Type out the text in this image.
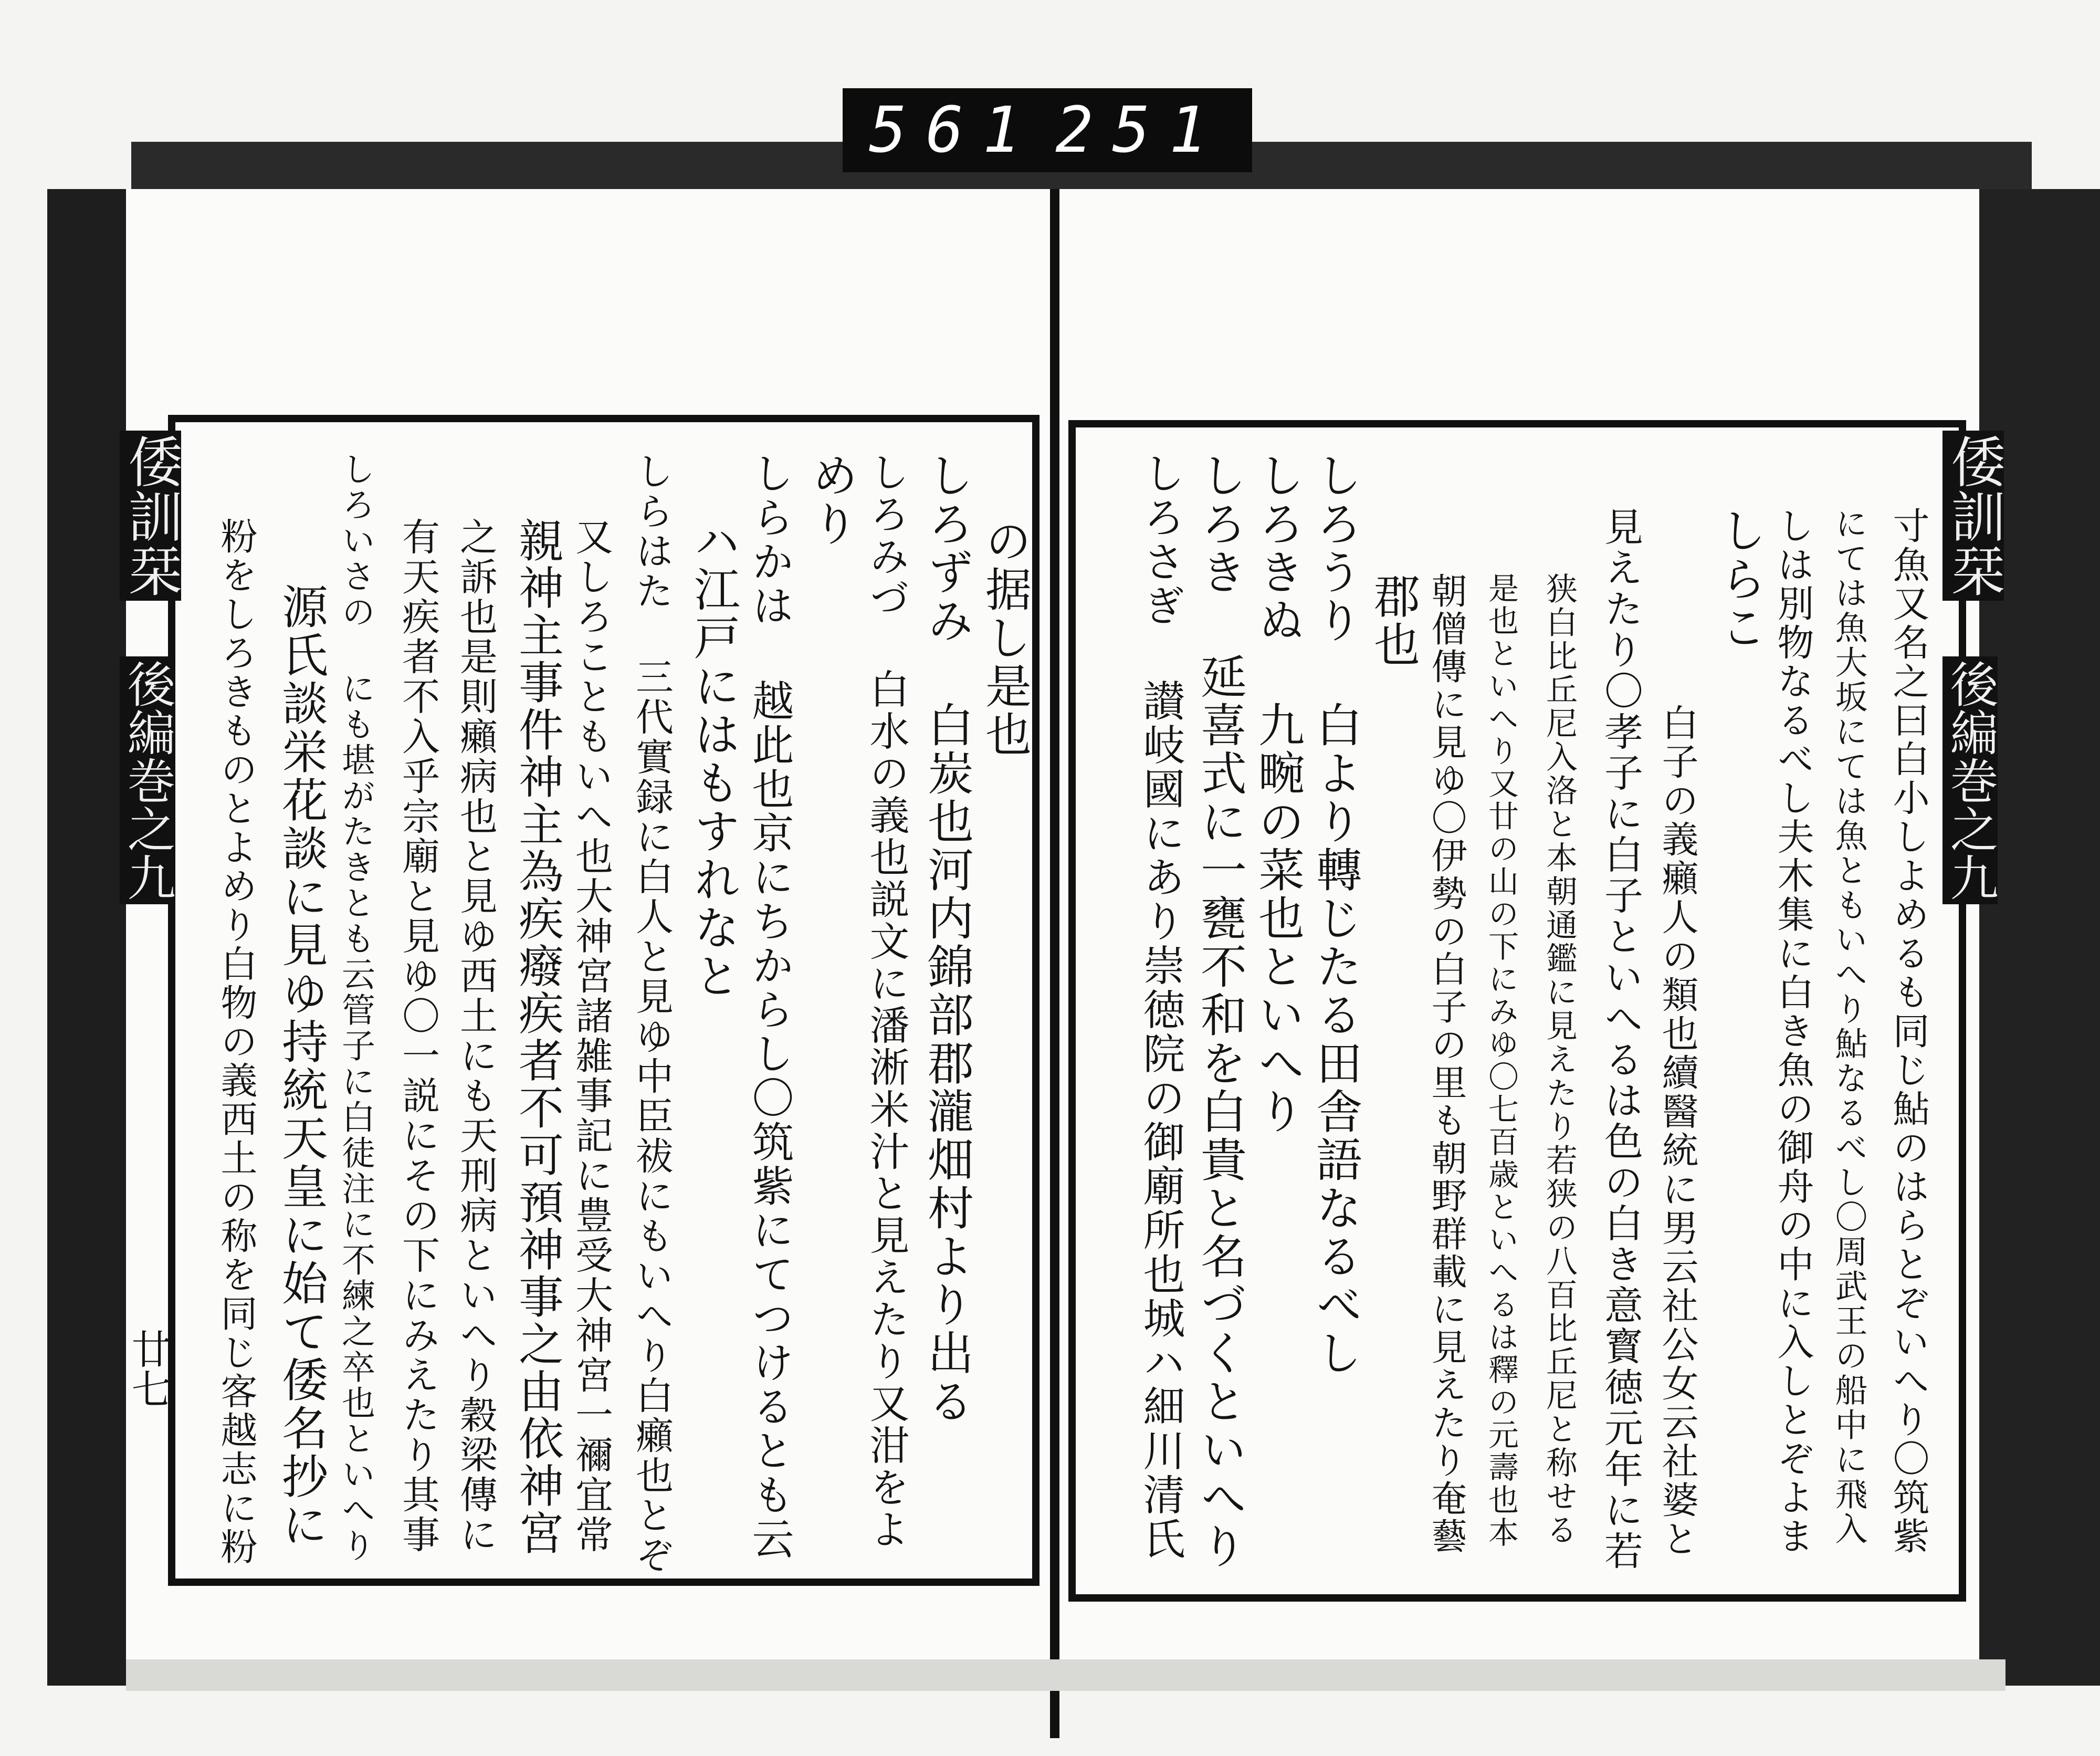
561 251
倭訓栞
後編巻之九
倭訓栞
後編巻之九
廿七
の据し是也
しろずみ 白炭也河内錦部郡瀧畑村より出る
しろみづ 白水の義也説文に潘淅米汁と見えたり又泔をよ
めり
しらかは 越此也京にちからし〇筑紫にてつけるとも云
ハ江戸にはもすれなと
しらはた 三代實録に白人と見ゆ中臣祓にもいへり白癩也とぞ
又しろこともいへ也大神宮諸雑事記に豊受大神宮一禰宜常
親神主事件神主為疾癈疾者不可預神事之由依神宮
之訴也是則癩病也と見ゆ西土にも天刑病といへり穀梁傳に
有天疾者不入乎宗廟と見ゆ〇一説にその下にみえたり其事
しろいさの にも堪がたきとも云管子に白徒注に不練之卒也といへり
源氏談栄花談に見ゆ持統天皇に始て倭名抄に
粉をしろきものとよめり白物の義西土の称を同じ客越志に粉	寸魚又名之曰白小しよめるも同じ鮎のはらとぞいへり〇筑紫
にては魚大坂にては魚ともいへり鮎なるべし〇周武王の船中に飛入
しは別物なるべし夫木集に白き魚の御舟の中に入しとぞよま
しらこ
白子の義癩人の類也續醫統に男云社公女云社婆と
見えたり〇孝子に白子といへるは色の白き意寳徳元年に若
狭白比丘尼入洛と本朝通鑑に見えたり若狭の八百比丘尼と称せる
是也といへり又廿の山の下にみゆ〇七百歳といへるは釋の元壽也本
朝僧傳に見ゆ〇伊勢の白子の里も朝野群載に見えたり奄藝
郡也
しろうり 白より轉じたる田舎語なるべし
しろきぬ 九畹の菜也といへり
しろき 延喜式に一甕不和を白貴と名づくといへり
しろさぎ 讃岐國にあり崇徳院の御廟所也城ハ細川清氏
